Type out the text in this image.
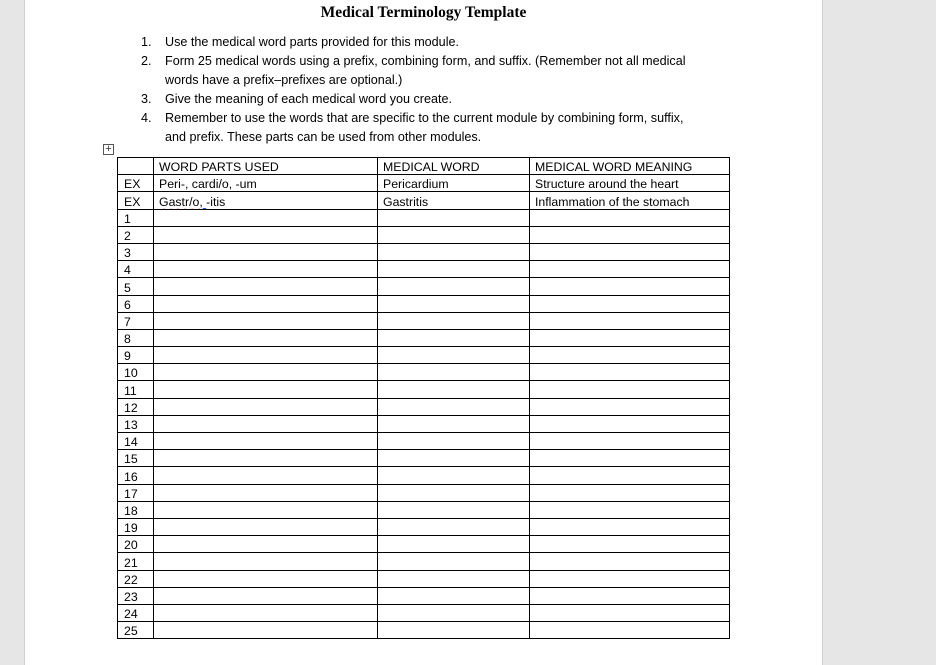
Medical Terminology Template
1. Use the medical word parts provided for this module.
2. Form 25 medical words using a prefix, combining form, and suffix. (Remember not all medical
words have a prefix–prefixes are optional.)
3. Give the meaning of each medical word you create.
4. Remember to use the words that are specific to the current module by combining form, suffix,
and prefix. These parts can be used from other modules.
+
	WORD PARTS USED	MEDICAL WORD	MEDICAL WORD MEANING
EX	Peri-, cardi/o, -um	Pericardium	Structure around the heart
EX	Gastr/o, -itis	Gastritis	Inflammation of the stomach
1			
2			
3			
4			
5			
6			
7			
8			
9			
10			
11			
12			
13			
14			
15			
16			
17			
18			
19			
20			
21			
22			
23			
24			
25			
